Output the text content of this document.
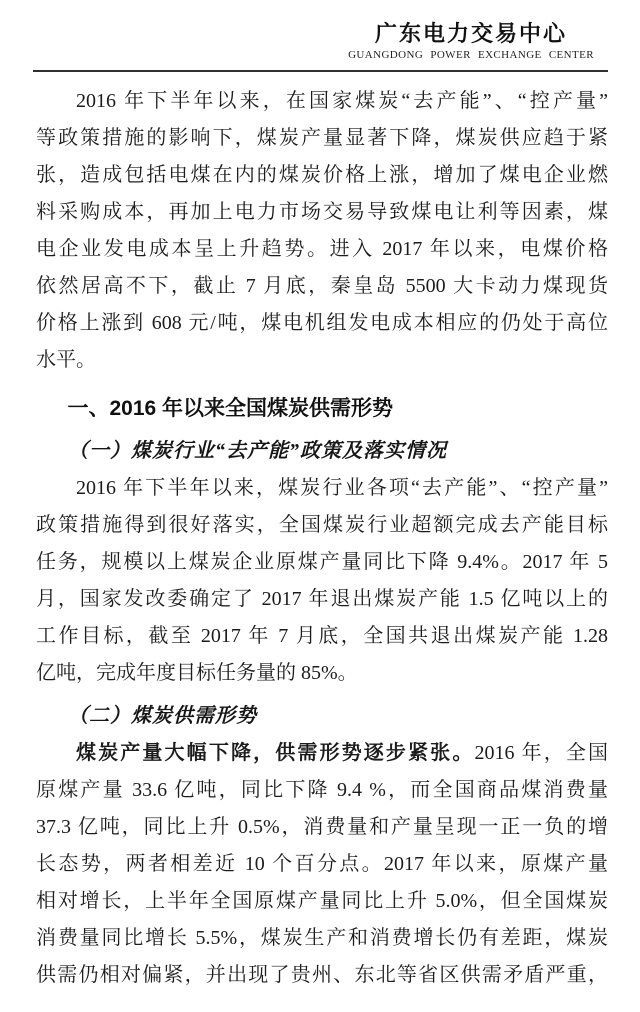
广东电力交易中心
GUANGDONG POWER EXCHANGE CENTER
2016 年下半年以来，在国家煤炭“去产能”、“控产量”
等政策措施的影响下，煤炭产量显著下降，煤炭供应趋于紧
张，造成包括电煤在内的煤炭价格上涨，增加了煤电企业燃
料采购成本，再加上电力市场交易导致煤电让利等因素，煤
电企业发电成本呈上升趋势。进入 2017 年以来，电煤价格
依然居高不下，截止 7 月底，秦皇岛 5500 大卡动力煤现货
价格上涨到 608 元/吨，煤电机组发电成本相应的仍处于高位
水平。
一、2016 年以来全国煤炭供需形势
（一）煤炭行业“去产能”政策及落实情况
2016 年下半年以来，煤炭行业各项“去产能”、“控产量”
政策措施得到很好落实，全国煤炭行业超额完成去产能目标
任务，规模以上煤炭企业原煤产量同比下降 9.4%。2017 年 5
月，国家发改委确定了 2017 年退出煤炭产能 1.5 亿吨以上的
工作目标，截至 2017 年 7 月底，全国共退出煤炭产能 1.28
亿吨，完成年度目标任务量的 85%。
（二）煤炭供需形势
煤炭产量大幅下降，供需形势逐步紧张。2016 年，全国
原煤产量 33.6 亿吨，同比下降 9.4 %，而全国商品煤消费量
37.3 亿吨，同比上升 0.5%，消费量和产量呈现一正一负的增
长态势，两者相差近 10 个百分点。2017 年以来，原煤产量
相对增长，上半年全国原煤产量同比上升 5.0%，但全国煤炭
消费量同比增长 5.5%，煤炭生产和消费增长仍有差距，煤炭
供需仍相对偏紧，并出现了贵州、东北等省区供需矛盾严重，
